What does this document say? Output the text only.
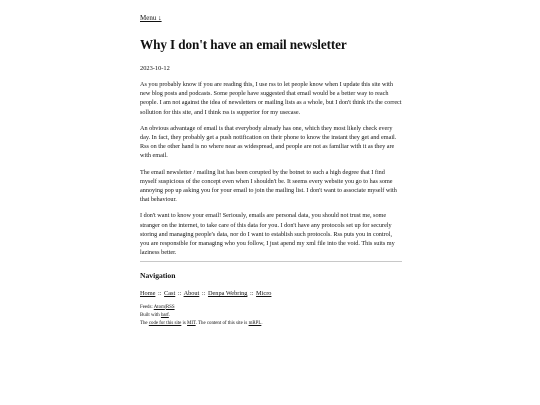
Menu ↓
Why I don't have an email newsletter
2023-10-12

As you probably know if you are reading this, I use rss to let people know when I update this site with new blog posts and podcasts. Some people have suggested that email would be a better way to reach people. I am not against the idea of newsletters or mailing lists as a whole, but I don't think it's the correct sollution for this site, and I think rss is supperior for my usecase.

An obvious advantage of email is that everybody already has one, which they most likely check every day. In fact, they probably get a push notification on their phone to know the instant they get and email. Rss on the other hand is no where near as widespread, and people are not as familiar with it as they are with email.

The email newsletter / mailing list has been corupted by the botnet to such a high degree that I find myself suspicious of the concept even when I shouldn't be. It seems every website you go to has some annoying pop up asking you for your email to join the mailing list. I don't want to associate myself with that behaviour.

I don't want to know your email! Seriously, emails are personal data, you should not trust me, some stranger on the internet, to take care of this data for you. I don't have any protocols set up for securely storing and managing people's data, nor do I want to establish such protocols. Rss puts you in control, you are responsible for managing who you follow, I just apend my xml file into the void. This suits my laziness better.

Navigation
Home :: Cast :: About :: Denpa Webring :: Micro
Feeds: Atom|RSS
Built with barf.
The code for this site is MIT. The content of this site is mRPL.
